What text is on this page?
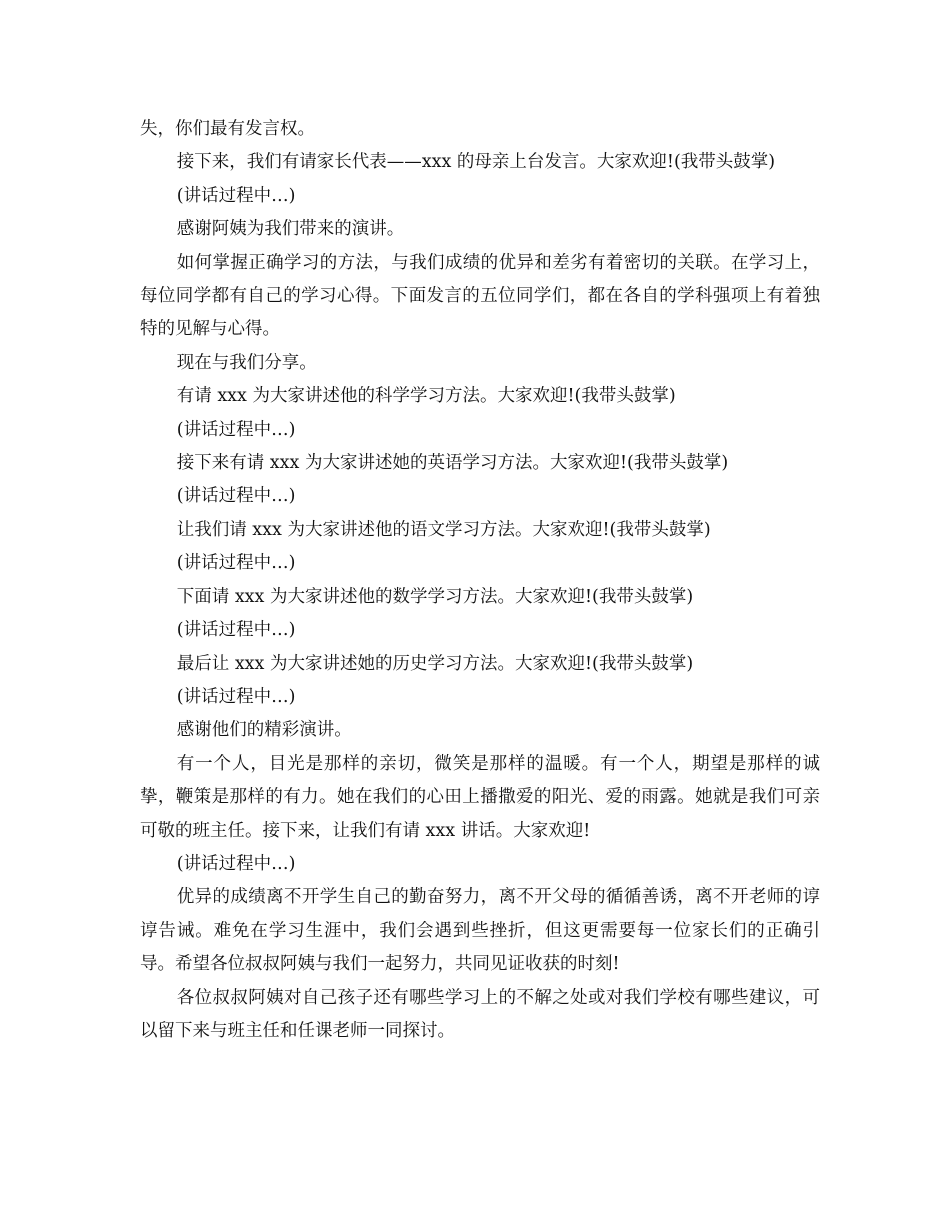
失，你们最有发言权。

接下来，我们有请家长代表——xxx 的母亲上台发言。大家欢迎!(我带头鼓掌)

(讲话过程中…)

感谢阿姨为我们带来的演讲。

如何掌握正确学习的方法，与我们成绩的优异和差劣有着密切的关联。在学习上，每位同学都有自己的学习心得。下面发言的五位同学们，都在各自的学科强项上有着独特的见解与心得。

现在与我们分享。

有请 xxx 为大家讲述他的科学学习方法。大家欢迎!(我带头鼓掌)

(讲话过程中…)

接下来有请 xxx 为大家讲述她的英语学习方法。大家欢迎!(我带头鼓掌)

(讲话过程中…)

让我们请 xxx 为大家讲述他的语文学习方法。大家欢迎!(我带头鼓掌)

(讲话过程中…)

下面请 xxx 为大家讲述他的数学学习方法。大家欢迎!(我带头鼓掌)

(讲话过程中…)

最后让 xxx 为大家讲述她的历史学习方法。大家欢迎!(我带头鼓掌)

(讲话过程中…)

感谢他们的精彩演讲。

有一个人，目光是那样的亲切，微笑是那样的温暖。有一个人，期望是那样的诚挚，鞭策是那样的有力。她在我们的心田上播撒爱的阳光、爱的雨露。她就是我们可亲可敬的班主任。接下来，让我们有请 xxx 讲话。大家欢迎!

(讲话过程中…)

优异的成绩离不开学生自己的勤奋努力，离不开父母的循循善诱，离不开老师的谆谆告诫。难免在学习生涯中，我们会遇到些挫折，但这更需要每一位家长们的正确引导。希望各位叔叔阿姨与我们一起努力，共同见证收获的时刻!

各位叔叔阿姨对自己孩子还有哪些学习上的不解之处或对我们学校有哪些建议，可以留下来与班主任和任课老师一同探讨。
